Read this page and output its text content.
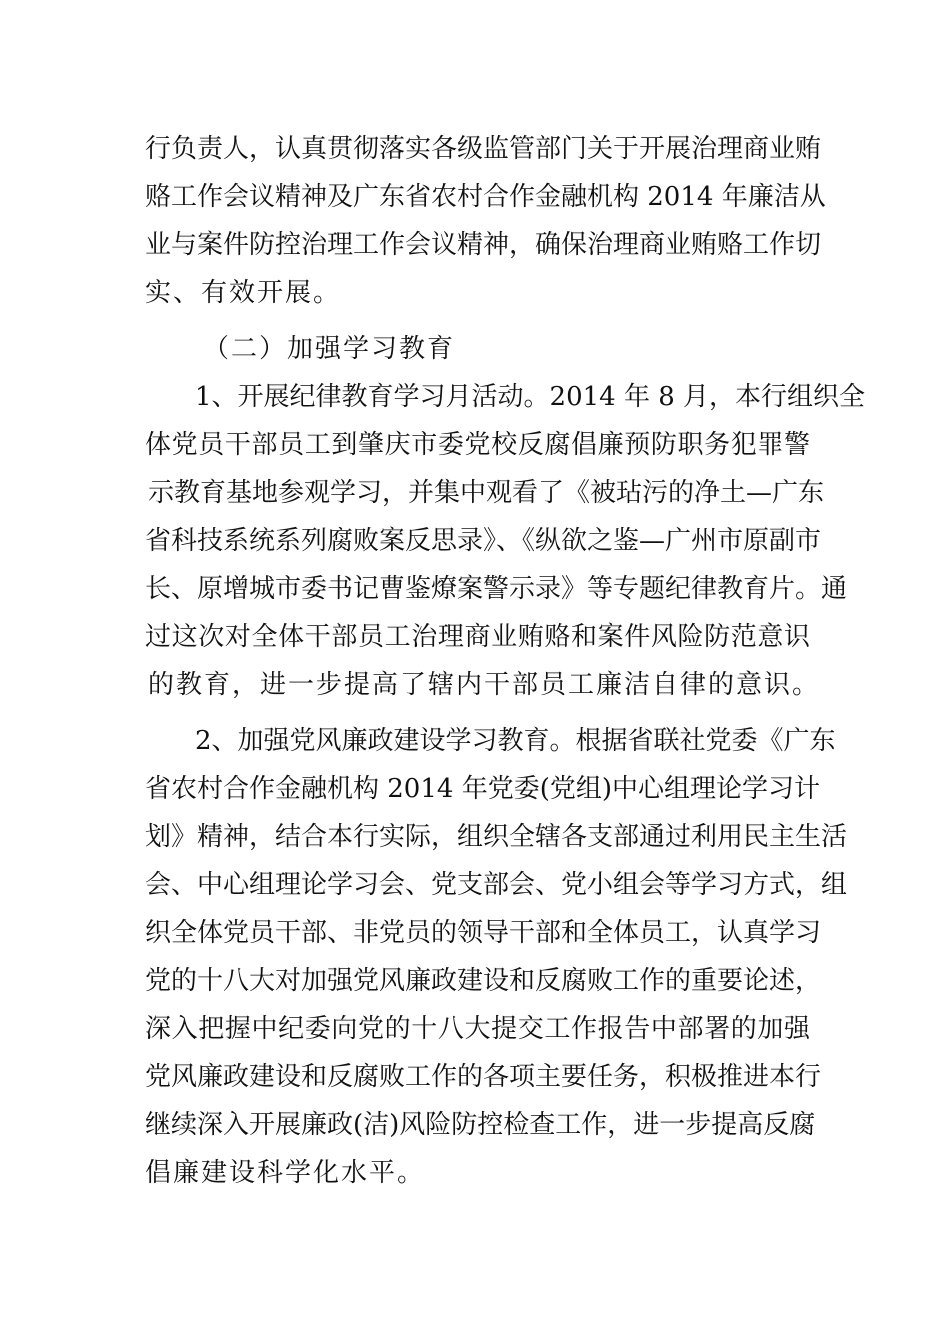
行负责人，认真贯彻落实各级监管部门关于开展治理商业贿
赂工作会议精神及广东省农村合作金融机构 2014 年廉洁从
业与案件防控治理工作会议精神，确保治理商业贿赂工作切
实、有效开展。
（二）加强学习教育
1、开展纪律教育学习月活动。2014 年 8 月，本行组织全
体党员干部员工到肇庆市委党校反腐倡廉预防职务犯罪警
示教育基地参观学习，并集中观看了《被玷污的净土—广东
省科技系统系列腐败案反思录》、《纵欲之鉴—广州市原副市
长、原增城市委书记曹鉴燎案警示录》等专题纪律教育片。通
过这次对全体干部员工治理商业贿赂和案件风险防范意识
的教育，进一步提高了辖内干部员工廉洁自律的意识。
2、加强党风廉政建设学习教育。根据省联社党委《广东
省农村合作金融机构 2014 年党委(党组)中心组理论学习计
划》精神，结合本行实际，组织全辖各支部通过利用民主生活
会、中心组理论学习会、党支部会、党小组会等学习方式，组
织全体党员干部、非党员的领导干部和全体员工，认真学习
党的十八大对加强党风廉政建设和反腐败工作的重要论述，
深入把握中纪委向党的十八大提交工作报告中部署的加强
党风廉政建设和反腐败工作的各项主要任务，积极推进本行
继续深入开展廉政(洁)风险防控检查工作，进一步提高反腐
倡廉建设科学化水平。
